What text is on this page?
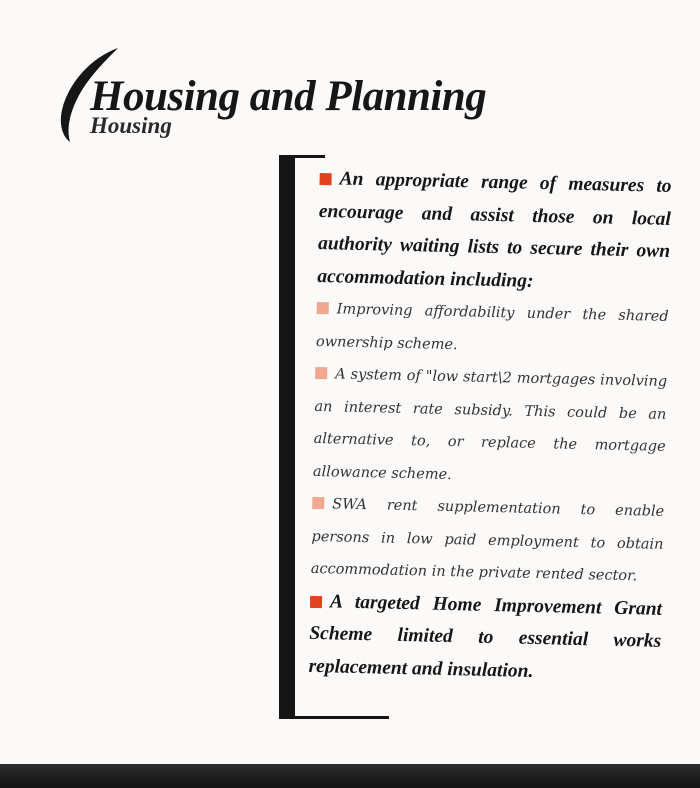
Housing and Planning
Housing

An appropriate range of measures to encourage and assist those on local authority waiting lists to secure their own accommodation including:

Improving affordability under the shared ownership scheme.

A system of "low start\2 mortgages involving an interest rate subsidy. This could be an alternative to, or replace the mortgage allowance scheme.

SWA rent supplementation to enable persons in low paid employment to obtain accommodation in the private rented sector.

A targeted Home Improvement Grant Scheme limited to essential works replacement and insulation.
